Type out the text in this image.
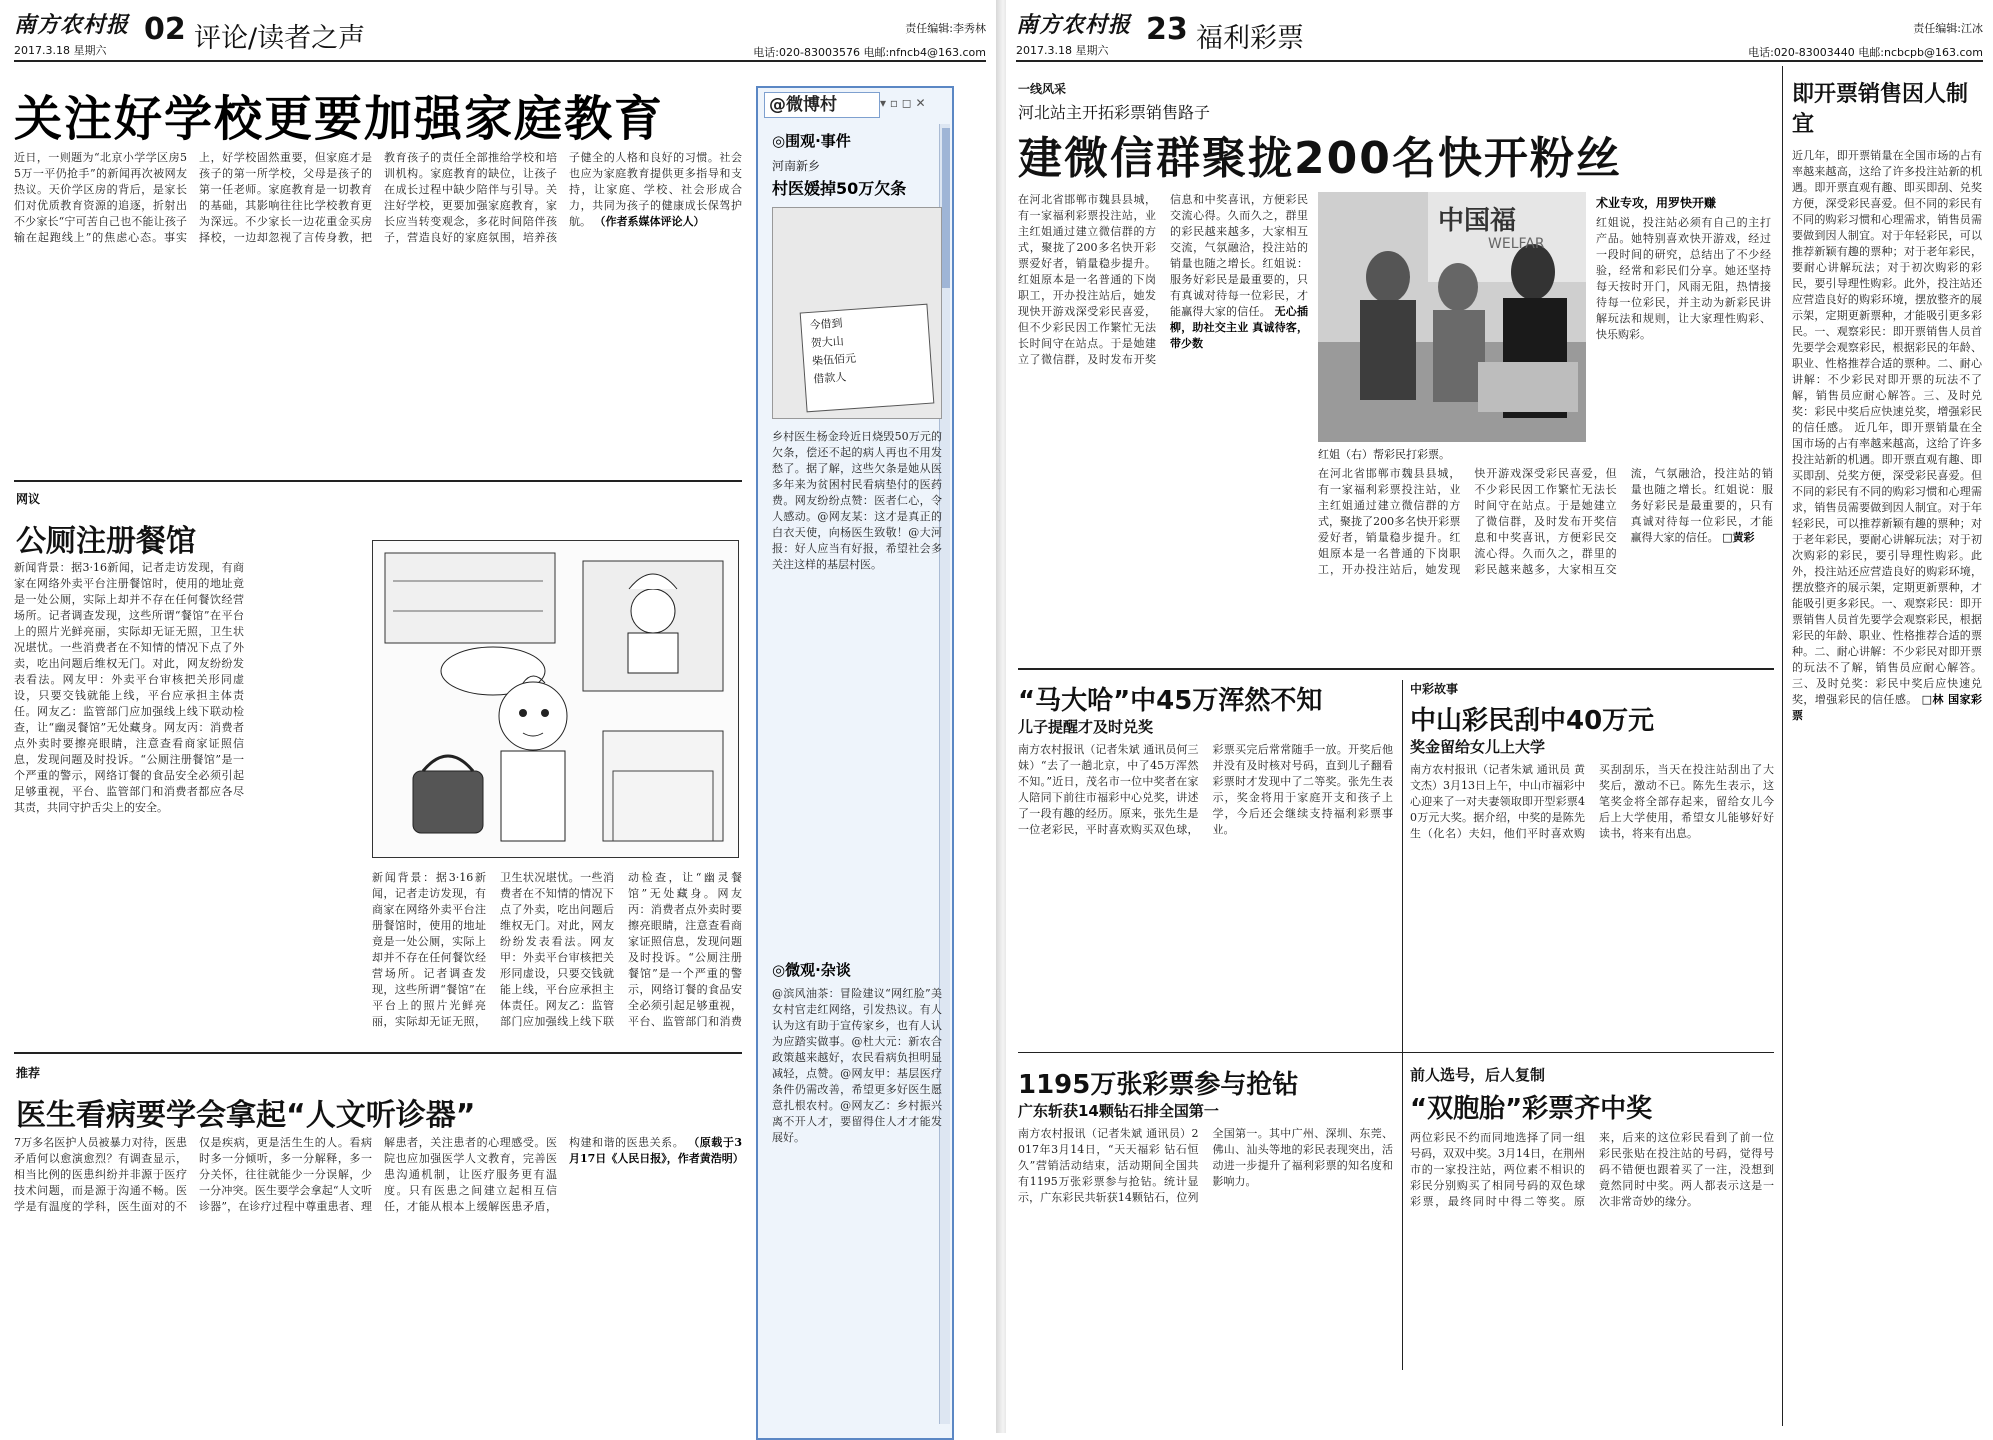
南方农村报
2017.3.18 星期六
02 评论/读者之声	责任编辑:李秀林
电话:020-83003576 电邮:nfncb4@163.com
关注好学校更要加强家庭教育
近日，一则题为“北京小学学区房55万一平仍抢手”的新闻再次被网友热议。天价学区房的背后，是家长们对优质教育资源的追逐，折射出不少家长“宁可苦自己也不能让孩子输在起跑线上”的焦虑心态。事实上，好学校固然重要，但家庭才是孩子的第一所学校，父母是孩子的第一任老师。家庭教育是一切教育的基础，其影响往往比学校教育更为深远。不少家长一边花重金买房择校，一边却忽视了言传身教，把教育孩子的责任全部推给学校和培训机构。家庭教育的缺位，让孩子在成长过程中缺少陪伴与引导。关注好学校，更要加强家庭教育，家长应当转变观念，多花时间陪伴孩子，营造良好的家庭氛围，培养孩子健全的人格和良好的习惯。社会也应为家庭教育提供更多指导和支持，让家庭、学校、社会形成合力，共同为孩子的健康成长保驾护航。 （作者系媒体评论人）
网议
公厕注册餐馆
新闻背景：据3·16新闻，记者走访发现，有商家在网络外卖平台注册餐馆时，使用的地址竟是一处公厕，实际上却并不存在任何餐饮经营场所。记者调查发现，这些所谓“餐馆”在平台上的照片光鲜亮丽，实际却无证无照，卫生状况堪忧。一些消费者在不知情的情况下点了外卖，吃出问题后维权无门。对此，网友纷纷发表看法。网友甲：外卖平台审核把关形同虚设，只要交钱就能上线，平台应承担主体责任。网友乙：监管部门应加强线上线下联动检查，让“幽灵餐馆”无处藏身。网友丙：消费者点外卖时要擦亮眼睛，注意查看商家证照信息，发现问题及时投诉。“公厕注册餐馆”是一个严重的警示，网络订餐的食品安全必须引起足够重视，平台、监管部门和消费者都应各尽其责，共同守护舌尖上的安全。
新闻背景：据3·16新闻，记者走访发现，有商家在网络外卖平台注册餐馆时，使用的地址竟是一处公厕，实际上却并不存在任何餐饮经营场所。记者调查发现，这些所谓“餐馆”在平台上的照片光鲜亮丽，实际却无证无照，卫生状况堪忧。一些消费者在不知情的情况下点了外卖，吃出问题后维权无门。对此，网友纷纷发表看法。网友甲：外卖平台审核把关形同虚设，只要交钱就能上线，平台应承担主体责任。网友乙：监管部门应加强线上线下联动检查，让“幽灵餐馆”无处藏身。网友丙：消费者点外卖时要擦亮眼睛，注意查看商家证照信息，发现问题及时投诉。“公厕注册餐馆”是一个严重的警示，网络订餐的食品安全必须引起足够重视，平台、监管部门和消费
推荐
医生看病要学会拿起“人文听诊器”
7万多名医护人员被暴力对待，医患矛盾何以愈演愈烈？有调查显示，相当比例的医患纠纷并非源于医疗技术问题，而是源于沟通不畅。医学是有温度的学科，医生面对的不仅是疾病，更是活生生的人。看病时多一分倾听，多一分解释，多一分关怀，往往就能少一分误解，少一分冲突。医生要学会拿起“人文听诊器”，在诊疗过程中尊重患者、理解患者，关注患者的心理感受。医院也应加强医学人文教育，完善医患沟通机制，让医疗服务更有温度。只有医患之间建立起相互信任，才能从根本上缓解医患矛盾，构建和谐的医患关系。 （原载于3月17日《人民日报》，作者黄浩明）
@微博村	▾ ▫ ◻ ✕
◎围观·事件
河南新乡
村医媛掉50万欠条
今借到
贺大山
柴伍佰元
借款人
乡村医生杨金玲近日烧毁50万元的欠条，偿还不起的病人再也不用发愁了。据了解，这些欠条是她从医多年来为贫困村民看病垫付的医药费。网友纷纷点赞：医者仁心，令人感动。@网友某：这才是真正的白衣天使，向杨医生致敬！@大河报：好人应当有好报，希望社会多关注这样的基层村医。
◎微观·杂谈
@滨风油茶：冒险建议“网红脸”美女村官走红网络，引发热议。有人认为这有助于宣传家乡，也有人认为应踏实做事。@杜大元：新农合政策越来越好，农民看病负担明显减轻，点赞。@网友甲：基层医疗条件仍需改善，希望更多好医生愿意扎根农村。@网友乙：乡村振兴离不开人才，要留得住人才才能发展好。
南方农村报
2017.3.18 星期六
23 福利彩票	责任编辑:江冰
电话:020-83003440 电邮:ncbcpb@163.com
一线风采
河北站主开拓彩票销售路子
建微信群聚拢200名快开粉丝
在河北省邯郸市魏县县城，有一家福利彩票投注站，业主红姐通过建立微信群的方式，聚拢了200多名快开彩票爱好者，销量稳步提升。红姐原本是一名普通的下岗职工，开办投注站后，她发现快开游戏深受彩民喜爱，但不少彩民因工作繁忙无法长时间守在站点。于是她建立了微信群，及时发布开奖信息和中奖喜讯，方便彩民交流心得。久而久之，群里的彩民越来越多，大家相互交流，气氛融洽，投注站的销量也随之增长。红姐说：服务好彩民是最重要的，只有真诚对待每一位彩民，才能赢得大家的信任。 无心插柳，助社交主业 真诚待客，带少数
中国福
WELFAR
红姐（右）帮彩民打彩票。
术业专攻，用罗快开赚
红姐说，投注站必须有自己的主打产品。她特别喜欢快开游戏，经过一段时间的研究，总结出了不少经验，经常和彩民们分享。她还坚持每天按时开门，风雨无阻，热情接待每一位彩民，并主动为新彩民讲解玩法和规则，让大家理性购彩、快乐购彩。
在河北省邯郸市魏县县城，有一家福利彩票投注站，业主红姐通过建立微信群的方式，聚拢了200多名快开彩票爱好者，销量稳步提升。红姐原本是一名普通的下岗职工，开办投注站后，她发现快开游戏深受彩民喜爱，但不少彩民因工作繁忙无法长时间守在站点。于是她建立了微信群，及时发布开奖信息和中奖喜讯，方便彩民交流心得。久而久之，群里的彩民越来越多，大家相互交流，气氛融洽，投注站的销量也随之增长。红姐说：服务好彩民是最重要的，只有真诚对待每一位彩民，才能赢得大家的信任。 □黄彩
“马大哈”中45万浑然不知
儿子提醒才及时兑奖
南方农村报讯（记者朱斌 通讯员何三妹）“去了一趟北京，中了45万浑然不知。”近日，茂名市一位中奖者在家人陪同下前往市福彩中心兑奖，讲述了一段有趣的经历。原来，张先生是一位老彩民，平时喜欢购买双色球，彩票买完后常常随手一放。开奖后他并没有及时核对号码，直到儿子翻看彩票时才发现中了二等奖。张先生表示，奖金将用于家庭开支和孩子上学，今后还会继续支持福利彩票事业。
中彩故事
中山彩民刮中40万元
奖金留给女儿上大学
南方农村报讯（记者朱斌 通讯员 黄文杰）3月13日上午，中山市福彩中心迎来了一对夫妻领取即开型彩票40万元大奖。据介绍，中奖的是陈先生（化名）夫妇，他们平时喜欢购买刮刮乐，当天在投注站刮出了大奖后，激动不已。陈先生表示，这笔奖金将全部存起来，留给女儿今后上大学使用，希望女儿能够好好读书，将来有出息。
1195万张彩票参与抢钻
广东斩获14颗钻石排全国第一
南方农村报讯（记者朱斌 通讯员）2017年3月14日，“天天福彩 钻石恒久”营销活动结束，活动期间全国共有1195万张彩票参与抢钻。统计显示，广东彩民共斩获14颗钻石，位列全国第一。其中广州、深圳、东莞、佛山、汕头等地的彩民表现突出，活动进一步提升了福利彩票的知名度和影响力。
前人选号，后人复制
“双胞胎”彩票齐中奖
两位彩民不约而同地选择了同一组号码，双双中奖。3月14日，在荆州市的一家投注站，两位素不相识的彩民分别购买了相同号码的双色球彩票，最终同时中得二等奖。原来，后来的这位彩民看到了前一位彩民张贴在投注站的号码，觉得号码不错便也跟着买了一注，没想到竟然同时中奖。两人都表示这是一次非常奇妙的缘分。
即开票销售因人制宜
近几年，即开票销量在全国市场的占有率越来越高，这给了许多投注站新的机遇。即开票直观有趣、即买即刮、兑奖方便，深受彩民喜爱。但不同的彩民有不同的购彩习惯和心理需求，销售员需要做到因人制宜。对于年轻彩民，可以推荐新颖有趣的票种；对于老年彩民，要耐心讲解玩法；对于初次购彩的彩民，要引导理性购彩。此外，投注站还应营造良好的购彩环境，摆放整齐的展示架，定期更新票种，才能吸引更多彩民。一、观察彩民：即开票销售人员首先要学会观察彩民，根据彩民的年龄、职业、性格推荐合适的票种。二、耐心讲解：不少彩民对即开票的玩法不了解，销售员应耐心解答。三、及时兑奖：彩民中奖后应快速兑奖，增强彩民的信任感。 近几年，即开票销量在全国市场的占有率越来越高，这给了许多投注站新的机遇。即开票直观有趣、即买即刮、兑奖方便，深受彩民喜爱。但不同的彩民有不同的购彩习惯和心理需求，销售员需要做到因人制宜。对于年轻彩民，可以推荐新颖有趣的票种；对于老年彩民，要耐心讲解玩法；对于初次购彩的彩民，要引导理性购彩。此外，投注站还应营造良好的购彩环境，摆放整齐的展示架，定期更新票种，才能吸引更多彩民。一、观察彩民：即开票销售人员首先要学会观察彩民，根据彩民的年龄、职业、性格推荐合适的票种。二、耐心讲解：不少彩民对即开票的玩法不了解，销售员应耐心解答。三、及时兑奖：彩民中奖后应快速兑奖，增强彩民的信任感。 □林 国家彩票
